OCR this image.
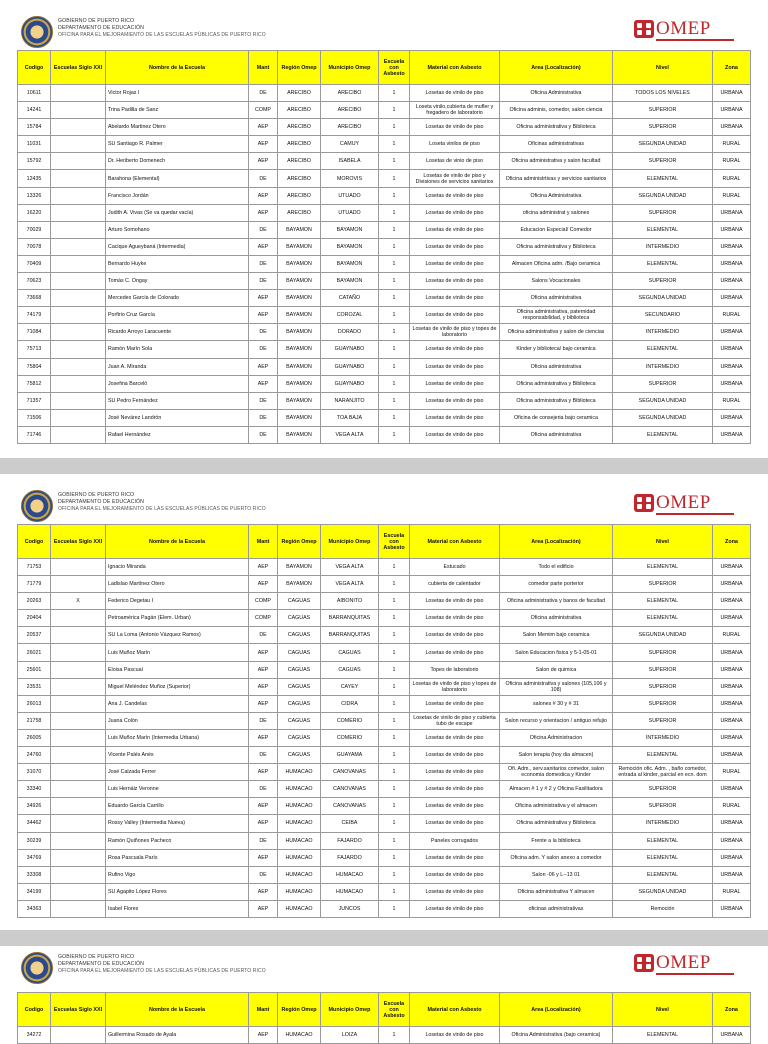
GOBIERNO DE PUERTO RICO
DEPARTAMENTO DE EDUCACIÓN
OFICINA PARA EL MEJORAMIENTO DE LAS ESCUELAS PÚBLICAS DE PUERTO RICO	OMEP
Codigo	Escuelas Siglo XXI	Nombre de la Escuela	Mant	Región Omep	Municipio Omep	Escuela con Asbesto	Material con Asbesto	Area (Localización)	Nivel	Zona
10611		Victor Rojas I	DE	ARECIBO	ARECIBO	1	Losetas de vinilo de piso	Oficina Administrativa	TODOS LOS NIVELES	URBANA
14241		Trina Padilla de Sanz	COMP	ARECIBO	ARECIBO	1	Loseta vinilo,cubierta de mufler y fregadero de laboratorio	Oficina adminis, comedor, salon ciencia	SUPERIOR	URBANA
15784		Abelardo Martinez Otero	AEP	ARECIBO	ARECIBO	1	Losetas de vinilo de piso	Oficina administrativa y Biblioteca	SUPERIOR	URBANA
11031		SU Santiago R. Palmer	AEP	ARECIBO	CAMUY	1	Loseta vinilos de piso	Oficinas administrativas	SEGUNDA UNIDAD	RURAL
15792		Dr. Heriberto Domenech	AEP	ARECIBO	ISABELA	1	Losetas de vinio de piso	Oficina administrativa y salon facultad	SUPERIOR	RURAL
12435		Barahona (Elemental)	DE	ARECIBO	MOROVIS	1	Losetas de vinilo de piso y Divisiones de servicios sanitarios	Oficina administrtivas y servicios sanitarios	ELEMENTAL	RURAL
13326		Francisco Jordán	AEP	ARECIBO	UTUADO	1	Losetas de vinilo de piso	Oficina Administrativa	SEGUNDA UNIDAD	RURAL
16220		Judith A. Vivas (Se va quedar vacía)	AEP	ARECIBO	UTUADO	1	Losetas de vinilo de piso	oficina administrat y salones	SUPERIOR	URBANA
70029		Arturo Somohano	DE	BAYAMON	BAYAMON	1	Losetas de vinilo de piso	Educacion Especial/ Comedor	ELEMENTAL	URBANA
70078		Cacique Agueybaná (Intermedia)	AEP	BAYAMON	BAYAMON	1	Losetas de vinilo de piso	Oficina administrativa y Biblioteca	INTERMEDIO	URBANA
70409		Bernardo Huyke	DE	BAYAMON	BAYAMON	1	Losetas de vinilo de piso	Almacen Oficina adm. /Bajo ceramica	ELEMENTAL	URBANA
70623		Tomás C. Ongay	DE	BAYAMON	BAYAMON	1	Losetas de vinilo de piso	Salons Vocacionales	SUPERIOR	URBANA
73668		Mercedes García de Colorado	AEP	BAYAMON	CATAÑO	1	Losetas de vinilo de piso	Oficina administrativa	SEGUNDA UNIDAD	URBANA
74179		Porfirio Cruz García	AEP	BAYAMON	COROZAL	1	Losetas de vinilo de piso	Oficina administrativa, paternidad responsabilidad, y biblioteca	SECUNDARIO	RURAL
71084		Ricardo Arroyo Laracuente	DE	BAYAMON	DORADO	1	Losetas de vinilo de piso y topes de laboratorio	Oficina administrativa y salon de ciencias	INTERMEDIO	URBANA
75713		Ramón Marín Sola	DE	BAYAMON	GUAYNABO	1	Losetas de vinilo de piso	Kinder y biblioteca/ bajo ceramica	ELEMENTAL	URBANA
75804		Juan A. Miranda	AEP	BAYAMON	GUAYNABO	1	Losetas de vinilo de piso	Oficina administrativa	INTERMEDIO	URBANA
75812		Josefina Barceló	AEP	BAYAMON	GUAYNABO	1	Losetas de vinilo de piso	Oficina administrativa y Biblioteca	SUPERIOR	URBANA
71357		SU Pedro Fernández	DE	BAYAMON	NARANJITO	1	Losetas de vinilo de piso	Oficina administrativa y Biblioteca	SEGUNDA UNIDAD	RURAL
71506		José Nevárez Landrón	DE	BAYAMON	TOA BAJA	1	Losetas de vinilo de piso	Oficina de consejeria bajo ceramica	SEGUNDA UNIDAD	URBANA
71746		Rafael Hernández	DE	BAYAMON	VEGA ALTA	1	Losetas de vinilo de piso	Oficina administrativa	ELEMENTAL	URBANA
GOBIERNO DE PUERTO RICO
DEPARTAMENTO DE EDUCACIÓN
OFICINA PARA EL MEJORAMIENTO DE LAS ESCUELAS PÚBLICAS DE PUERTO RICO	OMEP
Codigo	Escuelas Siglo XXI	Nombre de la Escuela	Mant	Región Omep	Municipio Omep	Escuela con Asbesto	Material con Asbesto	Area (Localización)	Nivel	Zona
71753		Ignacio Miranda	AEP	BAYAMON	VEGA ALTA	1	Estucado	Todo el edificio	ELEMENTAL	URBANA
71779		Ladislao Martínez Otero	AEP	BAYAMON	VEGA ALTA	1	cubierta de calentador	comedor parte porterior	SUPERIOR	URBANA
20263	X	Federico Degetau I	COMP	CAGUAS	AIBONITO	1	Losetas de vinilo de piso	Oficina administrativa y banos de facultad	ELEMENTAL	URBANA
20404		Petroamérica Pagán (Elem. Urban)	COMP	CAGUAS	BARRANQUITAS	1	Losetas de vinilo de piso	Oficina administrativa	ELEMENTAL	URBANA
20537		SU La Loma (Antonio Vázquez Ramos)	DE	CAGUAS	BARRANQUITAS	1	Losetas de vinilo de piso	Salon Memim bajo ceramica	SEGUNDA UNIDAD	RURAL
26021		Luis Muñoz Marín	AEP	CAGUAS	CAGUAS	1	Losetas de vinilo de piso	Salon Educacion fisica y 5-1-05-01	SUPERIOR	URBANA
25601		Eloisa Pascual	AEP	CAGUAS	CAGUAS	1	Topes de laboratorio	Salon de quimica	SUPERIOR	URBANA
23531		Miguel Meléndez Muñoz (Superior)	AEP	CAGUAS	CAYEY	1	Losetas de vinilo de piso y topes de laboratorio	Oficina administrativa y salones (105,106 y 108)	SUPERIOR	URBANA
26013		Ana J. Candelas	AEP	CAGUAS	CIDRA	1	Losetas de vinilo de piso	salones # 30 y # 31	SUPERIOR	URBANA
21758		Juana Colón	DE	CAGUAS	COMERIO	1	Losetas de vinilo de piso y cubierta tubo de escape	Salon recurso y orientacion / antiguo refujio	SUPERIOR	URBANA
26005		Luis Muñoz Marín (Intermedia Urbana)	AEP	CAGUAS	COMERIO	1	Losetas de vinilo de piso	Oficina Administracion	INTERMEDIO	URBANA
24760		Vicente Palés Anés	DE	CAGUAS	GUAYAMA	1	Losetas de vinilo de piso	Salon terapia (hoy dia almacen)	ELEMENTAL	URBANA
31070		José Calzada Ferrer	AEP	HUMACAO	CANOVANAS	1	Losetas de vinilo de piso	Ofi. Adm., serv.sanitarios comedor, salon economia domestica y Kinder	Remoción ofic. Adm. , baño comedor, entrada al kinder, parcial en ecn. dom	RURAL
33340		Luis Hernáiz Veronne	DE	HUMACAO	CANOVANAS	1	Losetas de vinilo de piso	Almacen # 1 y # 2 y Oficina Fasilitadora	SUPERIOR	URBANA
34926		Eduardo García Carrillo	AEP	HUMACAO	CANOVANAS	1	Losetas de vinilo de piso	Oficina administrativa y el almacen	SUPERIOR	RURAL
34462		Rossy Valley (Intermedia Nueva)	AEP	HUMACAO	CEIBA	1	Losetas de vinilo de piso	Oficina administrativa y Biblioteca	INTERMEDIO	URBANA
30239		Ramón Quiñones Pacheco	DE	HUMACAO	FAJARDO	1	Paneles corrugados	Frente a la biblioteca	ELEMENTAL	URBANA
34769		Rosa Pascuala París	AEP	HUMACAO	FAJARDO	1	Losetas de vinilo de piso	Oficina adm. Y salon anexo a comedor	ELEMENTAL	URBANA
33308		Rufino Vigo	DE	HUMACAO	HUMACAO	1	Losetas de vinilo de piso	Salon -06 y L--13 01	ELEMENTAL	URBANA
34199		SU Agapito López Flores	AEP	HUMACAO	HUMACAO	1	Losetas de vinilo de piso	Oficina administrativa Y almacen	SEGUNDA UNIDAD	RURAL
34363		Isabel Flores	AEP	HUMACAO	JUNCOS	1	Losetas de vinilo de piso	oficinas administrativas	Remoción	URBANA
GOBIERNO DE PUERTO RICO
DEPARTAMENTO DE EDUCACIÓN
OFICINA PARA EL MEJORAMIENTO DE LAS ESCUELAS PÚBLICAS DE PUERTO RICO	OMEP
Codigo	Escuelas Siglo XXI	Nombre de la Escuela	Mant	Región Omep	Municipio Omep	Escuela con Asbesto	Material con Asbesto	Area (Localización)	Nivel	Zona
34272		Guillermina Rosado de Ayala	AEP	HUMACAO	LOIZA	1	Losetas de vinilo de piso	Oficina Administrativa (bajo ceramica)	ELEMENTAL	URBANA
